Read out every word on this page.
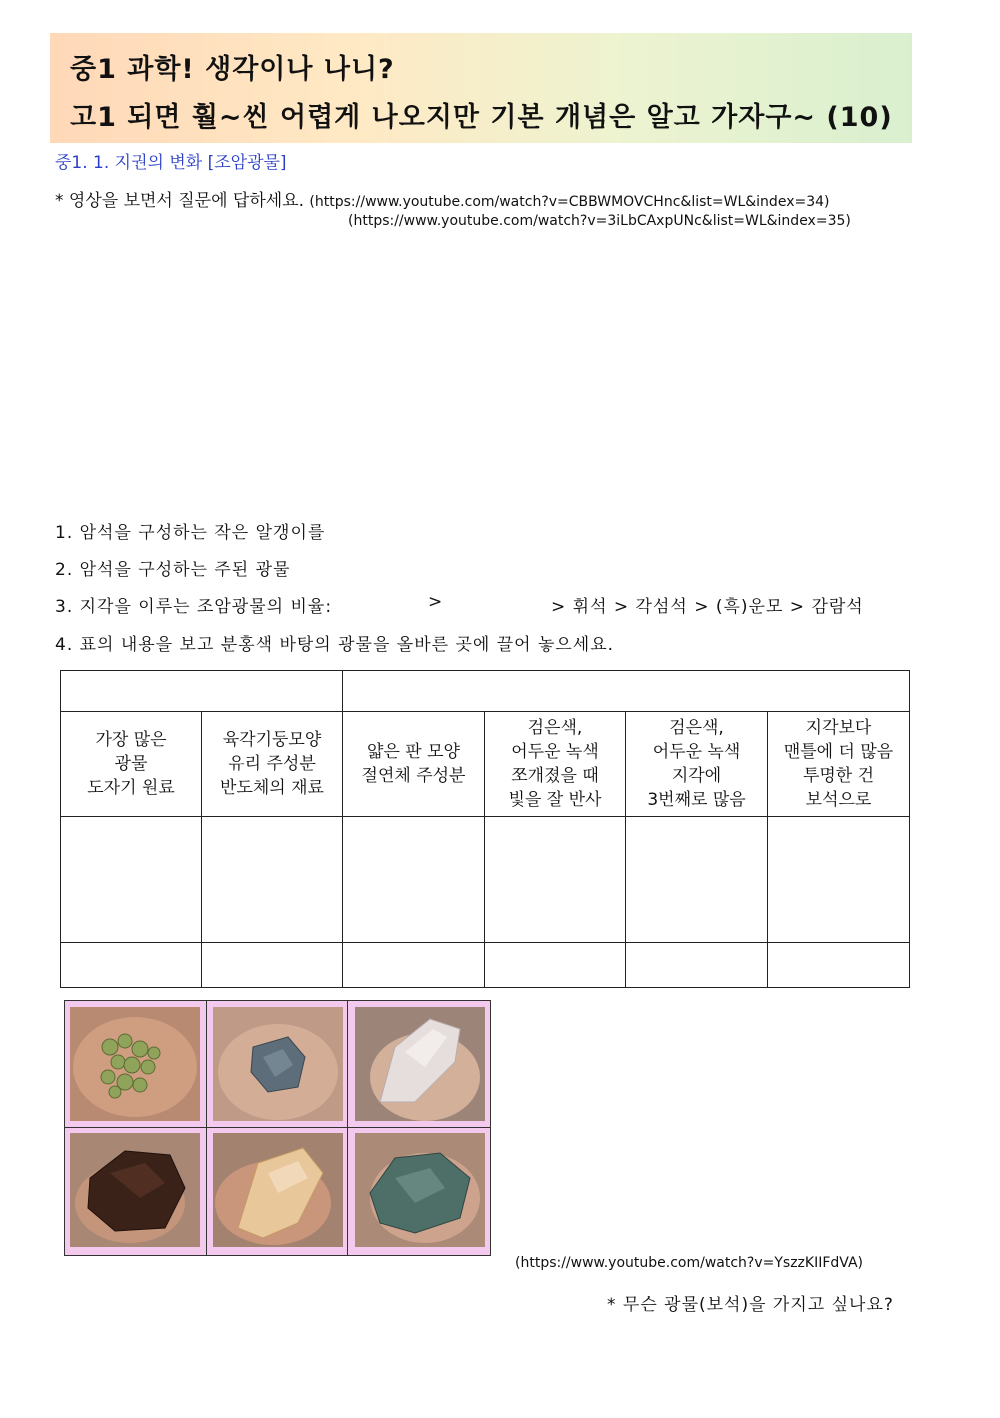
중1 과학! 생각이나 나니?
고1 되면 훨~씬 어렵게 나오지만 기본 개념은 알고 가자구~ (10)
중1. 1. 지권의 변화 [조암광물]
* 영상을 보면서 질문에 답하세요. (https://www.youtube.com/watch?v=CBBWMOVCHnc&list=WL&index=34)
(https://www.youtube.com/watch?v=3iLbCAxpUNc&list=WL&index=35)
1. 암석을 구성하는 작은 알갱이를
2. 암석을 구성하는 주된 광물
3. 지각을 이루는 조암광물의 비율:	>	> 휘석 > 각섬석 > (흑)운모 > 감람석
4. 표의 내용을 보고 분홍색 바탕의 광물을 올바른 곳에 끌어 놓으세요.

가장 많은
광물
도자기 원료	육각기둥모양
유리 주성분
반도체의 재료	얇은 판 모양
절연체 주성분	검은색,
어두운 녹색
쪼개졌을 때
빛을 잘 반사	검은색,
어두운 녹색
지각에
3번째로 많음	지각보다
맨틀에 더 많음
투명한 건
보석으로

(https://www.youtube.com/watch?v=YszzKIIFdVA)
* 무슨 광물(보석)을 가지고 싶나요?
